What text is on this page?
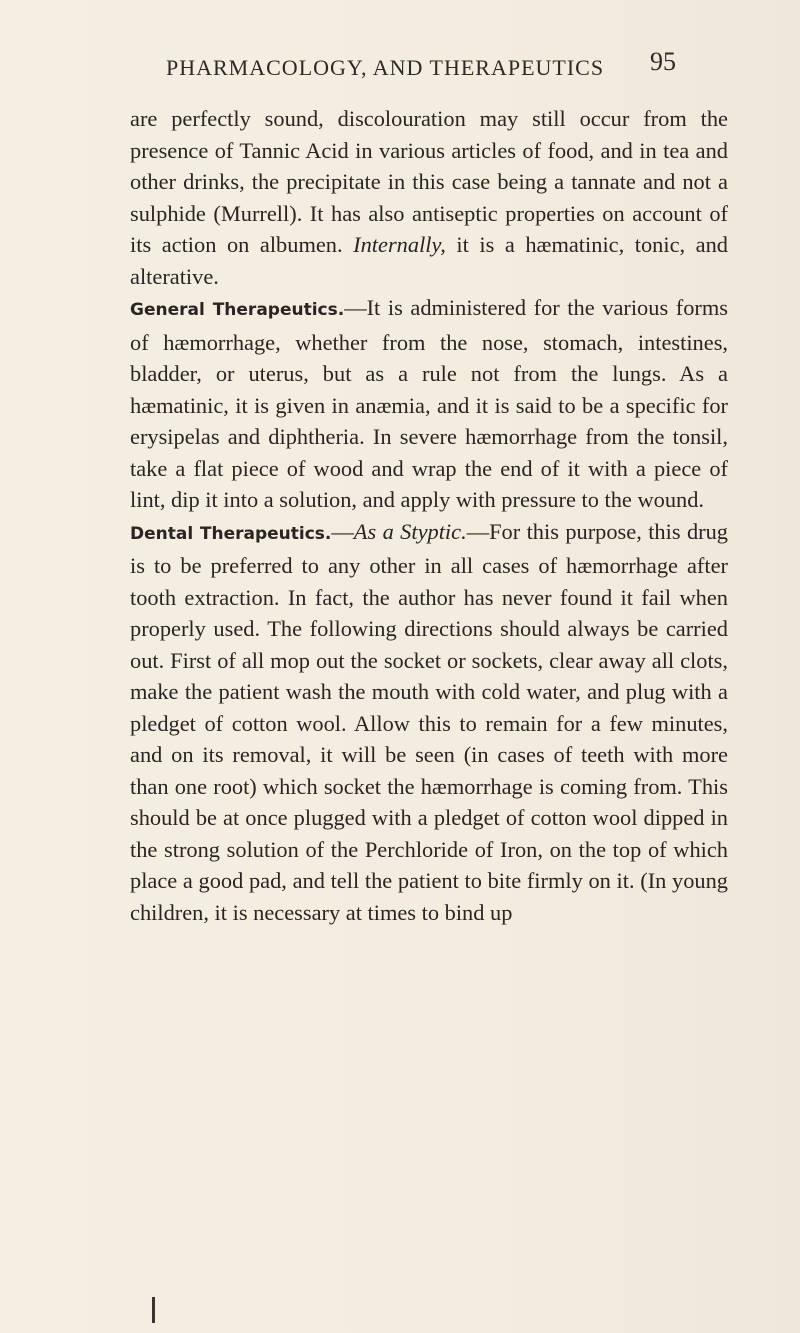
PHARMACOLOGY, AND THERAPEUTICS 95

are perfectly sound, discolouration may still occur from the presence of Tannic Acid in various articles of food, and in tea and other drinks, the precipitate in this case being a tannate and not a sulphide (Murrell). It has also antiseptic properties on account of its action on albumen. Internally, it is a hæmatinic, tonic, and alterative.

General Therapeutics.—It is administered for the various forms of hæmorrhage, whether from the nose, stomach, intestines, bladder, or uterus, but as a rule not from the lungs. As a hæmatinic, it is given in anæmia, and it is said to be a specific for erysipelas and diphtheria. In severe hæmorrhage from the tonsil, take a flat piece of wood and wrap the end of it with a piece of lint, dip it into a solution, and apply with pressure to the wound.

Dental Therapeutics.—As a Styptic.—For this purpose, this drug is to be preferred to any other in all cases of hæmorrhage after tooth extraction. In fact, the author has never found it fail when properly used. The following directions should always be carried out. First of all mop out the socket or sockets, clear away all clots, make the patient wash the mouth with cold water, and plug with a pledget of cotton wool. Allow this to remain for a few minutes, and on its removal, it will be seen (in cases of teeth with more than one root) which socket the hæmorrhage is coming from. This should be at once plugged with a pledget of cotton wool dipped in the strong solution of the Perchloride of Iron, on the top of which place a good pad, and tell the patient to bite firmly on it. (In young children, it is necessary at times to bind up
